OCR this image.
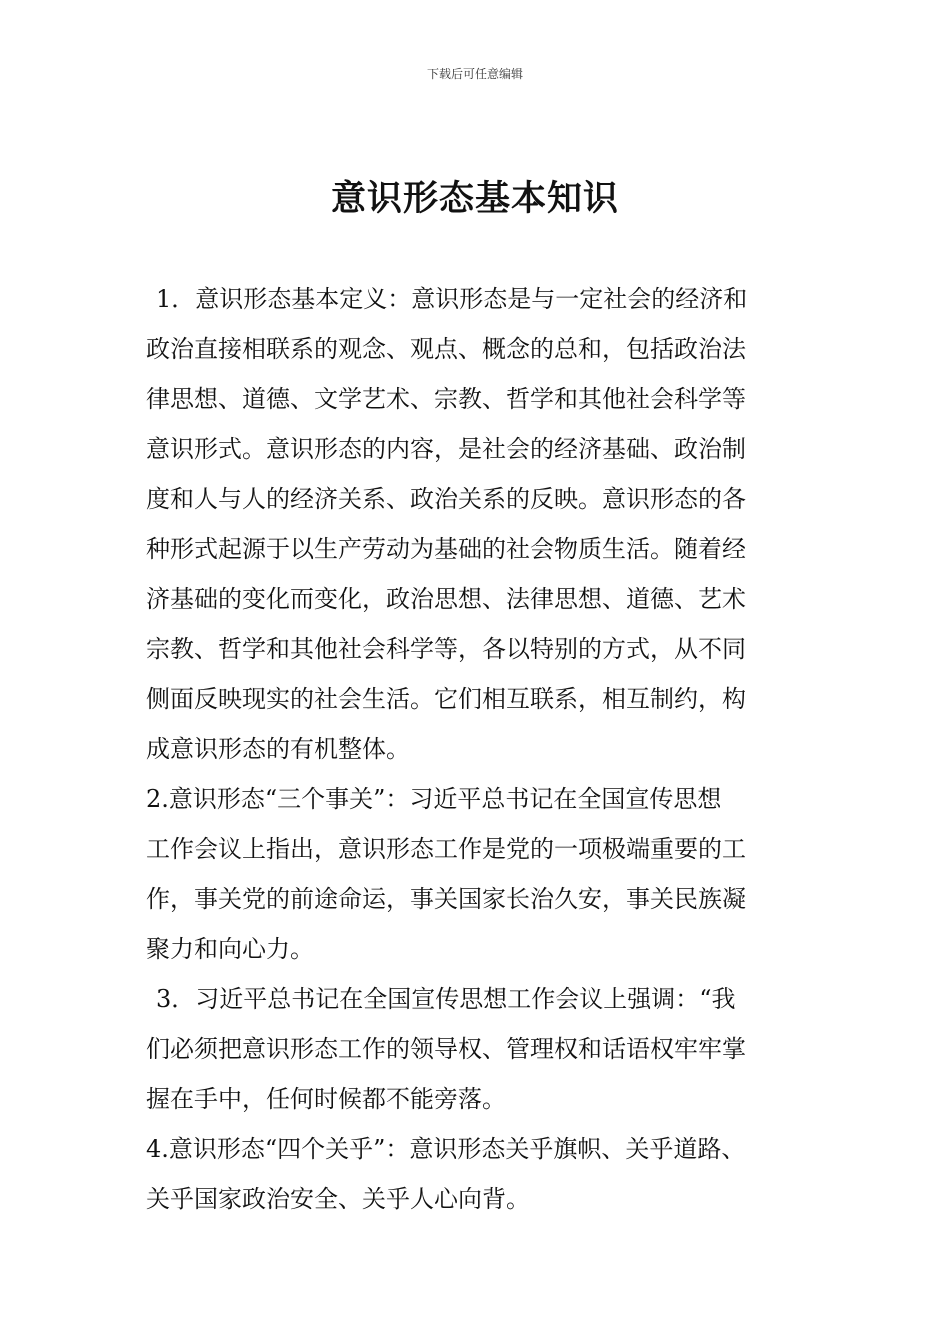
下载后可任意编辑
意识形态基本知识
1．意识形态基本定义：意识形态是与一定社会的经济和
政治直接相联系的观念、观点、概念的总和，包括政治法
律思想、道德、文学艺术、宗教、哲学和其他社会科学等
意识形式。意识形态的内容，是社会的经济基础、政治制
度和人与人的经济关系、政治关系的反映。意识形态的各
种形式起源于以生产劳动为基础的社会物质生活。随着经
济基础的变化而变化，政治思想、法律思想、道德、艺术
宗教、哲学和其他社会科学等，各以特别的方式，从不同
侧面反映现实的社会生活。它们相互联系，相互制约，构
成意识形态的有机整体。
2.意识形态“三个事关”：习近平总书记在全国宣传思想
工作会议上指出，意识形态工作是党的一项极端重要的工
作，事关党的前途命运，事关国家长治久安，事关民族凝
聚力和向心力。
3．习近平总书记在全国宣传思想工作会议上强调：“我
们必须把意识形态工作的领导权、管理权和话语权牢牢掌
握在手中，任何时候都不能旁落。
4.意识形态“四个关乎”：意识形态关乎旗帜、关乎道路、
关乎国家政治安全、关乎人心向背。
